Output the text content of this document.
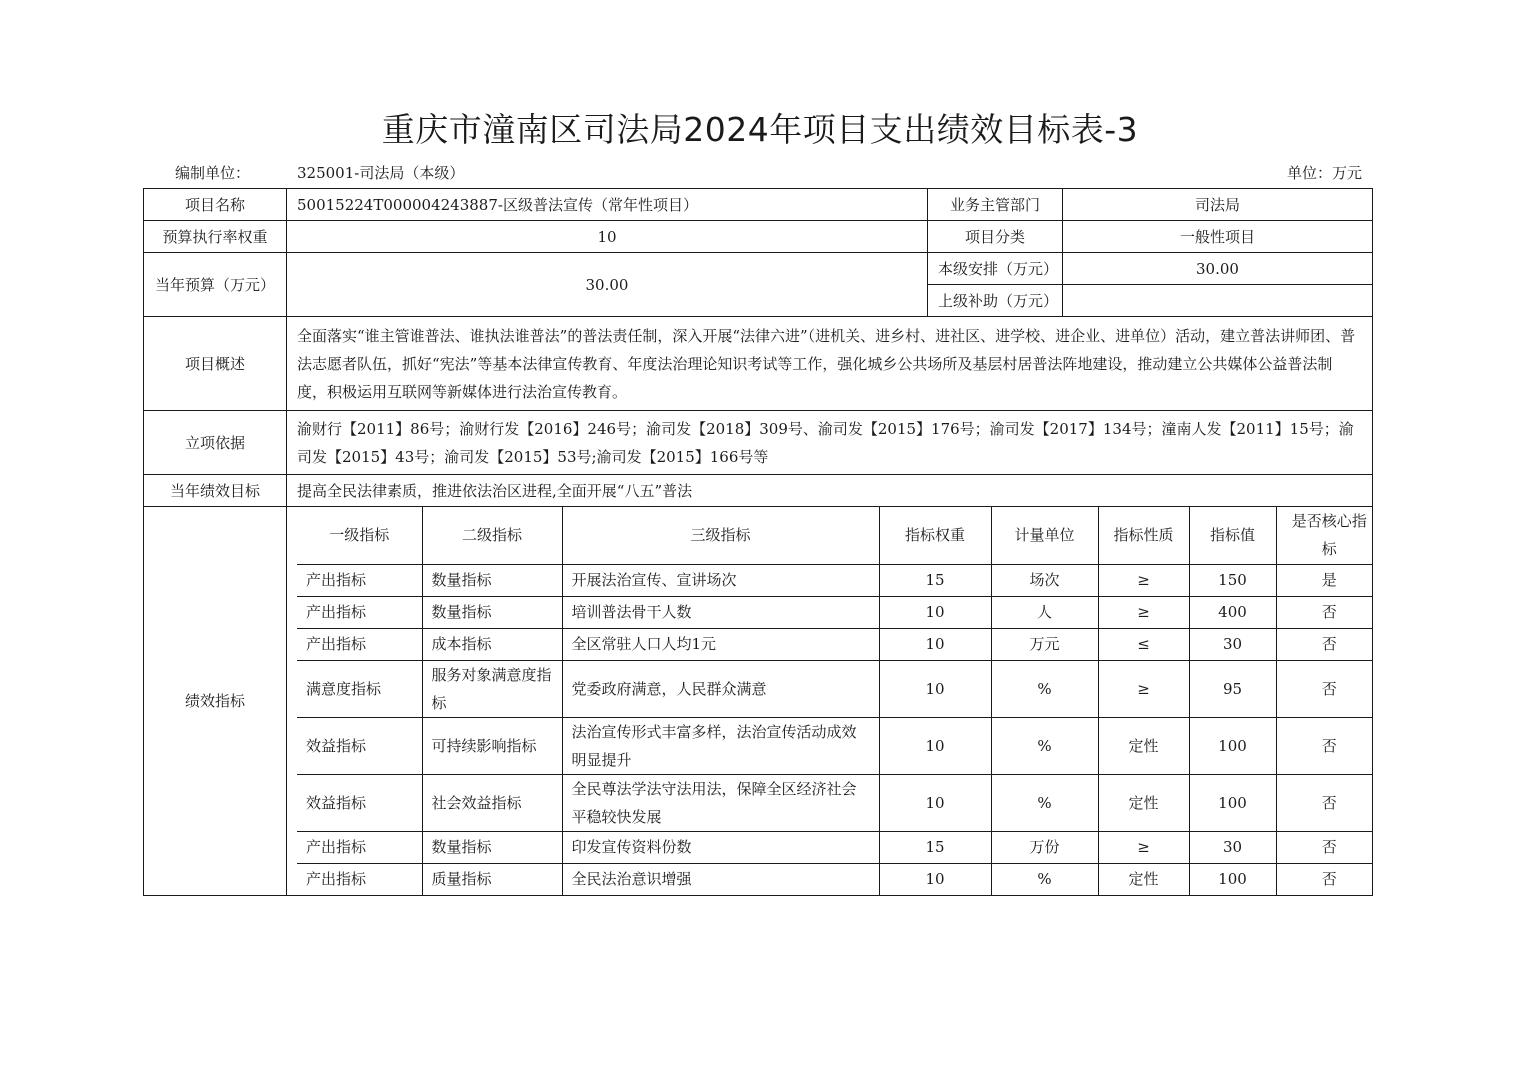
重庆市潼南区司法局2024年项目支出绩效目标表-3
编制单位：	325001-司法局（本级）	单位：万元
项目名称	50015224T000004243887-区级普法宣传（常年性项目）	业务主管部门	司法局
预算执行率权重	10	项目分类	一般性项目
当年预算（万元）	30.00	本级安排（万元）	30.00
上级补助（万元）	
项目概述	全面落实“谁主管谁普法、谁执法谁普法”的普法责任制，深入开展“法律六进”（进机关、进乡村、进社区、进学校、进企业、进单位）活动，建立普法讲师团、普法志愿者队伍，抓好“宪法”等基本法律宣传教育、年度法治理论知识考试等工作，强化城乡公共场所及基层村居普法阵地建设，推动建立公共媒体公益普法制度，积极运用互联网等新媒体进行法治宣传教育。
立项依据	渝财行【2011】86号；渝财行发【2016】246号；渝司发【2018】309号、渝司发【2015】176号；渝司发【2017】134号；潼南人发【2011】15号；渝司发【2015】43号；渝司发【2015】53号;渝司发【2015】166号等
当年绩效目标	提高全民法律素质，推进依法治区进程,全面开展“八五”普法
绩效指标	
一级指标	二级指标	三级指标	指标权重	计量单位	指标性质	指标值	是否核心指标
产出指标	数量指标	开展法治宣传、宣讲场次	15	场次	≥	150	是
产出指标	数量指标	培训普法骨干人数	10	人	≥	400	否
产出指标	成本指标	全区常驻人口人均1元	10	万元	≤	30	否
满意度指标	服务对象满意度指标	党委政府满意，人民群众满意	10	%	≥	95	否
效益指标	可持续影响指标	法治宣传形式丰富多样，法治宣传活动成效明显提升	10	%	定性	100	否
效益指标	社会效益指标	全民尊法学法守法用法，保障全区经济社会平稳较快发展	10	%	定性	100	否
产出指标	数量指标	印发宣传资料份数	15	万份	≥	30	否
产出指标	质量指标	全民法治意识增强	10	%	定性	100	否
